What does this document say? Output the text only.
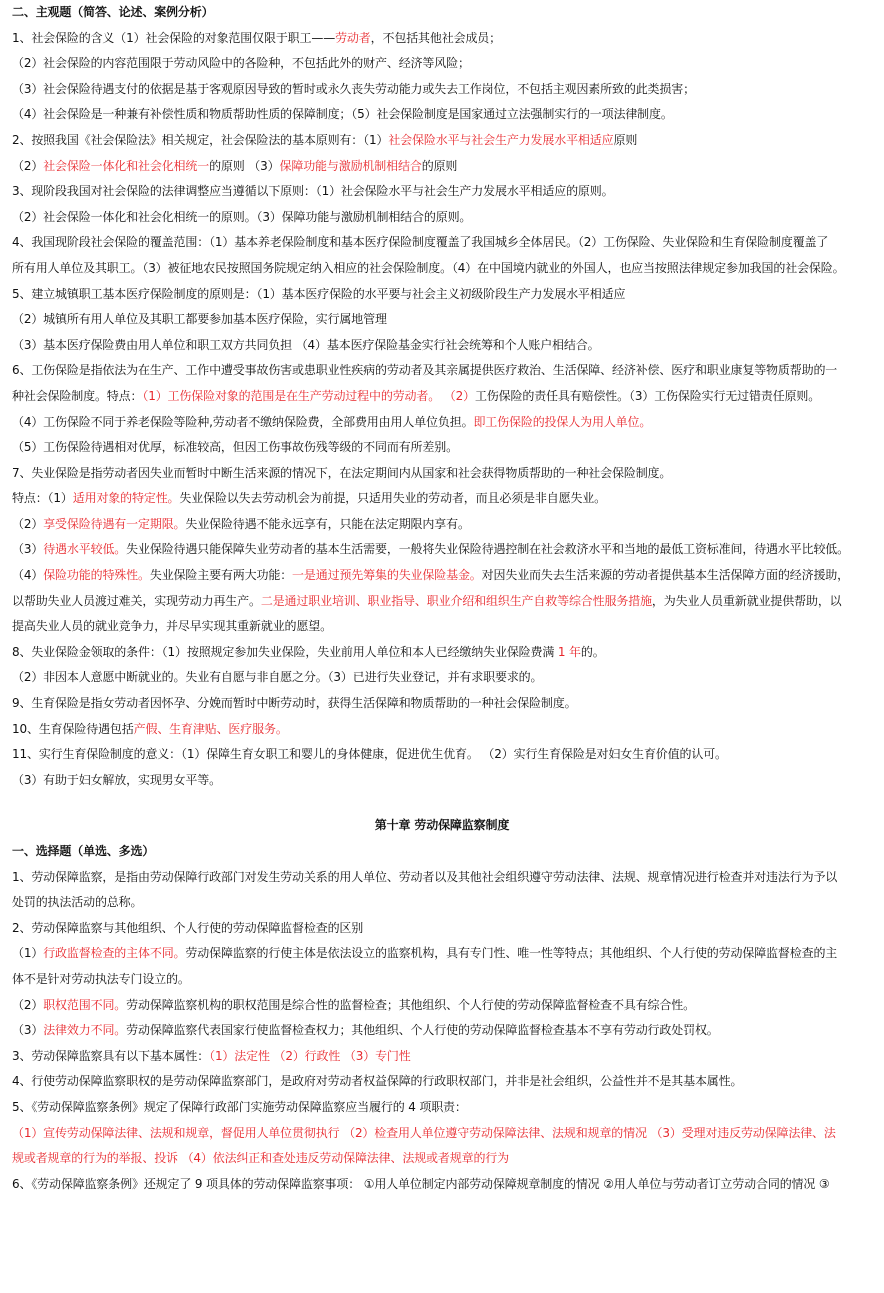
二、主观题（简答、论述、案例分析）
1、社会保险的含义（1）社会保险的对象范围仅限于职工——劳动者，不包括其他社会成员；
（2）社会保险的内容范围限于劳动风险中的各险种，不包括此外的财产、经济等风险；
（3）社会保险待遇支付的依据是基于客观原因导致的暂时或永久丧失劳动能力或失去工作岗位，不包括主观因素所致的此类损害；
（4）社会保险是一种兼有补偿性质和物质帮助性质的保障制度；（5）社会保险制度是国家通过立法强制实行的一项法律制度。
2、按照我国《社会保险法》相关规定，社会保险法的基本原则有：（1）社会保险水平与社会生产力发展水平相适应原则
（2）社会保险一体化和社会化相统一的原则 （3）保障功能与激励机制相结合的原则
3、现阶段我国对社会保险的法律调整应当遵循以下原则：（1）社会保险水平与社会生产力发展水平相适应的原则。
（2）社会保险一体化和社会化相统一的原则。（3）保障功能与激励机制相结合的原则。
4、我国现阶段社会保险的覆盖范围：（1）基本养老保险制度和基本医疗保险制度覆盖了我国城乡全体居民。（2）工伤保险、失业保险和生育保险制度覆盖了
所有用人单位及其职工。（3）被征地农民按照国务院规定纳入相应的社会保险制度。（4）在中国境内就业的外国人，也应当按照法律规定参加我国的社会保险。
5、建立城镇职工基本医疗保险制度的原则是：（1）基本医疗保险的水平要与社会主义初级阶段生产力发展水平相适应
（2）城镇所有用人单位及其职工都要参加基本医疗保险，实行属地管理
（3）基本医疗保险费由用人单位和职工双方共同负担 （4）基本医疗保险基金实行社会统筹和个人账户相结合。
6、工伤保险是指依法为在生产、工作中遭受事故伤害或患职业性疾病的劳动者及其亲属提供医疗救治、生活保障、经济补偿、医疗和职业康复等物质帮助的一
种社会保险制度。特点：（1）工伤保险对象的范围是在生产劳动过程中的劳动者。 （2）工伤保险的责任具有赔偿性。（3）工伤保险实行无过错责任原则。
（4）工伤保险不同于养老保险等险种,劳动者不缴纳保险费，全部费用由用人单位负担。即工伤保险的投保人为用人单位。
（5）工伤保险待遇相对优厚，标准较高，但因工伤事故伤残等级的不同而有所差别。
7、失业保险是指劳动者因失业而暂时中断生活来源的情况下，在法定期间内从国家和社会获得物质帮助的一种社会保险制度。
特点：（1）适用对象的特定性。失业保险以失去劳动机会为前提，只适用失业的劳动者，而且必须是非自愿失业。
（2）享受保险待遇有一定期限。失业保险待遇不能永远享有，只能在法定期限内享有。
（3）待遇水平较低。失业保险待遇只能保障失业劳动者的基本生活需要，一般将失业保险待遇控制在社会救济水平和当地的最低工资标准间，待遇水平比较低。
（4）保险功能的特殊性。失业保险主要有两大功能：一是通过预先筹集的失业保险基金。对因失业而失去生活来源的劳动者提供基本生活保障方面的经济援助，
以帮助失业人员渡过难关，实现劳动力再生产。二是通过职业培训、职业指导、职业介绍和组织生产自救等综合性服务措施，为失业人员重新就业提供帮助，以
提高失业人员的就业竞争力，并尽早实现其重新就业的愿望。
8、失业保险金领取的条件：（1）按照规定参加失业保险，失业前用人单位和本人已经缴纳失业保险费满 1 年的。
（2）非因本人意愿中断就业的。失业有自愿与非自愿之分。（3）已进行失业登记，并有求职要求的。
9、生育保险是指女劳动者因怀孕、分娩而暂时中断劳动时，获得生活保障和物质帮助的一种社会保险制度。
10、生育保险待遇包括产假、生育津贴、医疗服务。
11、实行生育保险制度的意义：（1）保障生育女职工和婴儿的身体健康，促进优生优育。 （2）实行生育保险是对妇女生育价值的认可。
（3）有助于妇女解放，实现男女平等。
第十章 劳动保障监察制度
一、选择题（单选、多选）
1、劳动保障监察，是指由劳动保障行政部门对发生劳动关系的用人单位、劳动者以及其他社会组织遵守劳动法律、法规、规章情况进行检查并对违法行为予以
处罚的执法活动的总称。
2、劳动保障监察与其他组织、个人行使的劳动保障监督检查的区别
（1）行政监督检查的主体不同。劳动保障监察的行使主体是依法设立的监察机构，具有专门性、唯一性等特点；其他组织、个人行使的劳动保障监督检查的主
体不是针对劳动执法专门设立的。
（2）职权范围不同。劳动保障监察机构的职权范围是综合性的监督检查；其他组织、个人行使的劳动保障监督检查不具有综合性。
（3）法律效力不同。劳动保障监察代表国家行使监督检查权力；其他组织、个人行使的劳动保障监督检查基本不享有劳动行政处罚权。
3、劳动保障监察具有以下基本属性：（1）法定性 （2）行政性 （3）专门性
4、行使劳动保障监察职权的是劳动保障监察部门，是政府对劳动者权益保障的行政职权部门，并非是社会组织，公益性并不是其基本属性。
5、《劳动保障监察条例》规定了保障行政部门实施劳动保障监察应当履行的 4 项职责：
（1）宣传劳动保障法律、法规和规章，督促用人单位贯彻执行 （2）检查用人单位遵守劳动保障法律、法规和规章的情况 （3）受理对违反劳动保障法律、法
规或者规章的行为的举报、投诉 （4）依法纠正和查处违反劳动保障法律、法规或者规章的行为
6、《劳动保障监察条例》还规定了 9 项具体的劳动保障监察事项： ①用人单位制定内部劳动保障规章制度的情况 ②用人单位与劳动者订立劳动合同的情况 ③
